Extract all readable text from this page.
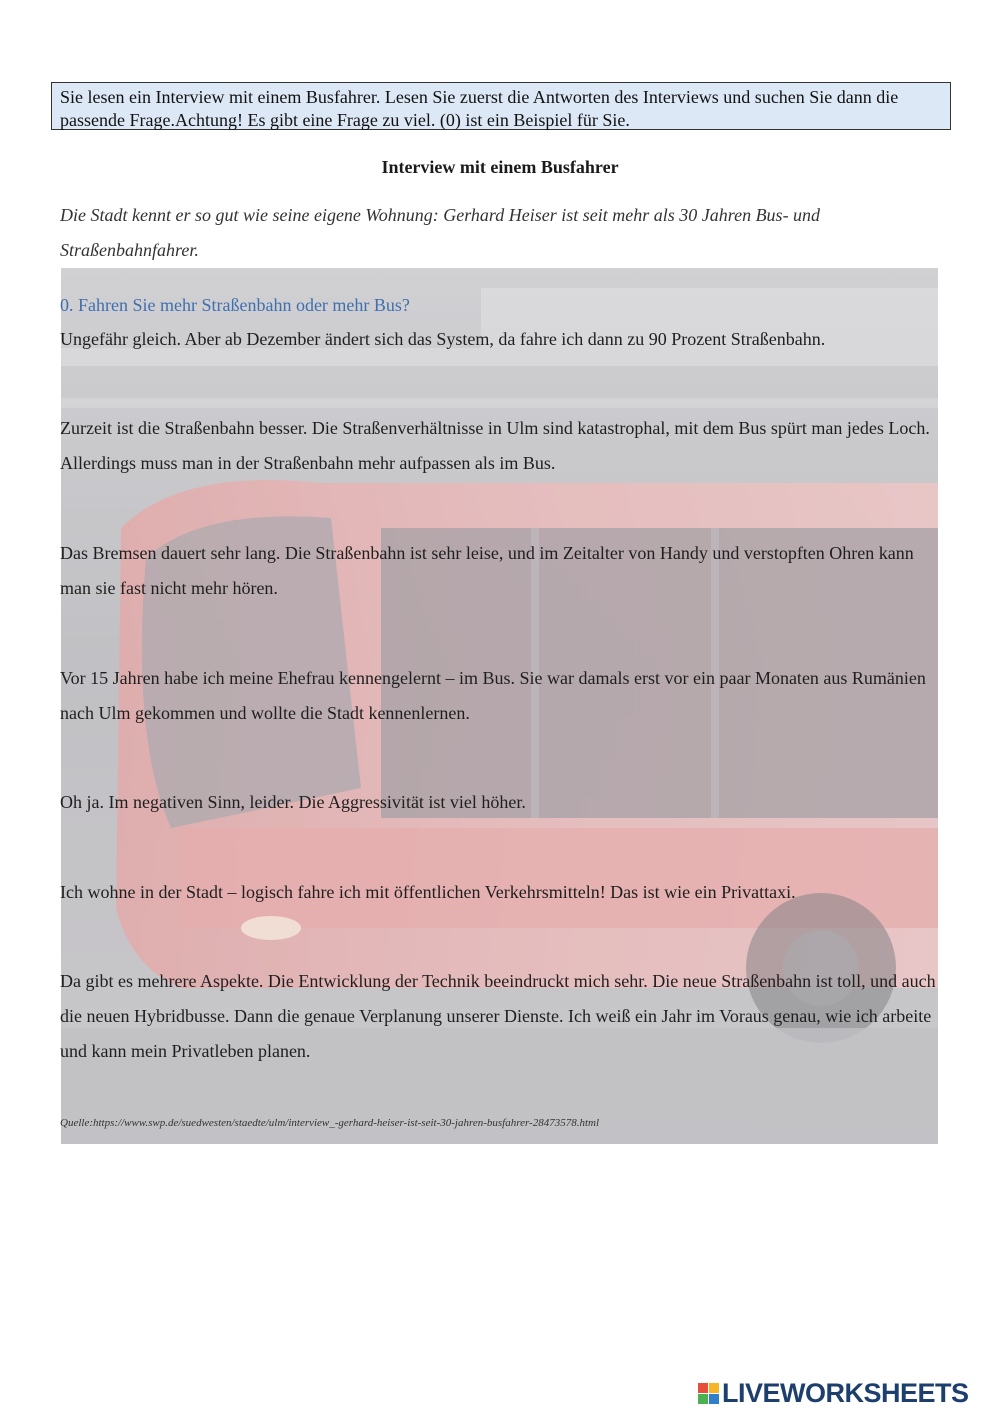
Sie lesen ein Interview mit einem Busfahrer. Lesen Sie zuerst die Antworten des Interviews und suchen Sie dann die passende Frage.Achtung! Es gibt eine Frage zu viel. (0) ist ein Beispiel für Sie.
Interview mit einem Busfahrer
Die Stadt kennt er so gut wie seine eigene Wohnung: Gerhard Heiser ist seit mehr als 30 Jahren Bus- und Straßenbahnfahrer.
0. Fahren Sie mehr Straßenbahn oder mehr Bus?
Ungefähr gleich. Aber ab Dezember ändert sich das System, da fahre ich dann zu 90 Prozent Straßenbahn.
Zurzeit ist die Straßenbahn besser. Die Straßenverhältnisse in Ulm sind katastrophal, mit dem Bus spürt man jedes Loch. Allerdings muss man in der Straßenbahn mehr aufpassen als im Bus.
Das Bremsen dauert sehr lang. Die Straßenbahn ist sehr leise, und im Zeitalter von Handy und verstopften Ohren kann man sie fast nicht mehr hören.
Vor 15 Jahren habe ich meine Ehefrau kennengelernt – im Bus. Sie war damals erst vor ein paar Monaten aus Rumänien nach Ulm gekommen und wollte die Stadt kennenlernen.
Oh ja. Im negativen Sinn, leider. Die Aggressivität ist viel höher.
Ich wohne in der Stadt – logisch fahre ich mit öffentlichen Verkehrsmitteln! Das ist wie ein Privattaxi.
Da gibt es mehrere Aspekte. Die Entwicklung der Technik beeindruckt mich sehr. Die neue Straßenbahn ist toll, und auch die neuen Hybridbusse. Dann die genaue Verplanung unserer Dienste. Ich weiß ein Jahr im Voraus genau, wie ich arbeite und kann mein Privatleben planen.
Quelle:https://www.swp.de/suedwesten/staedte/ulm/interview_-gerhard-heiser-ist-seit-30-jahren-busfahrer-28473578.html
LIVEWORKSHEETS
